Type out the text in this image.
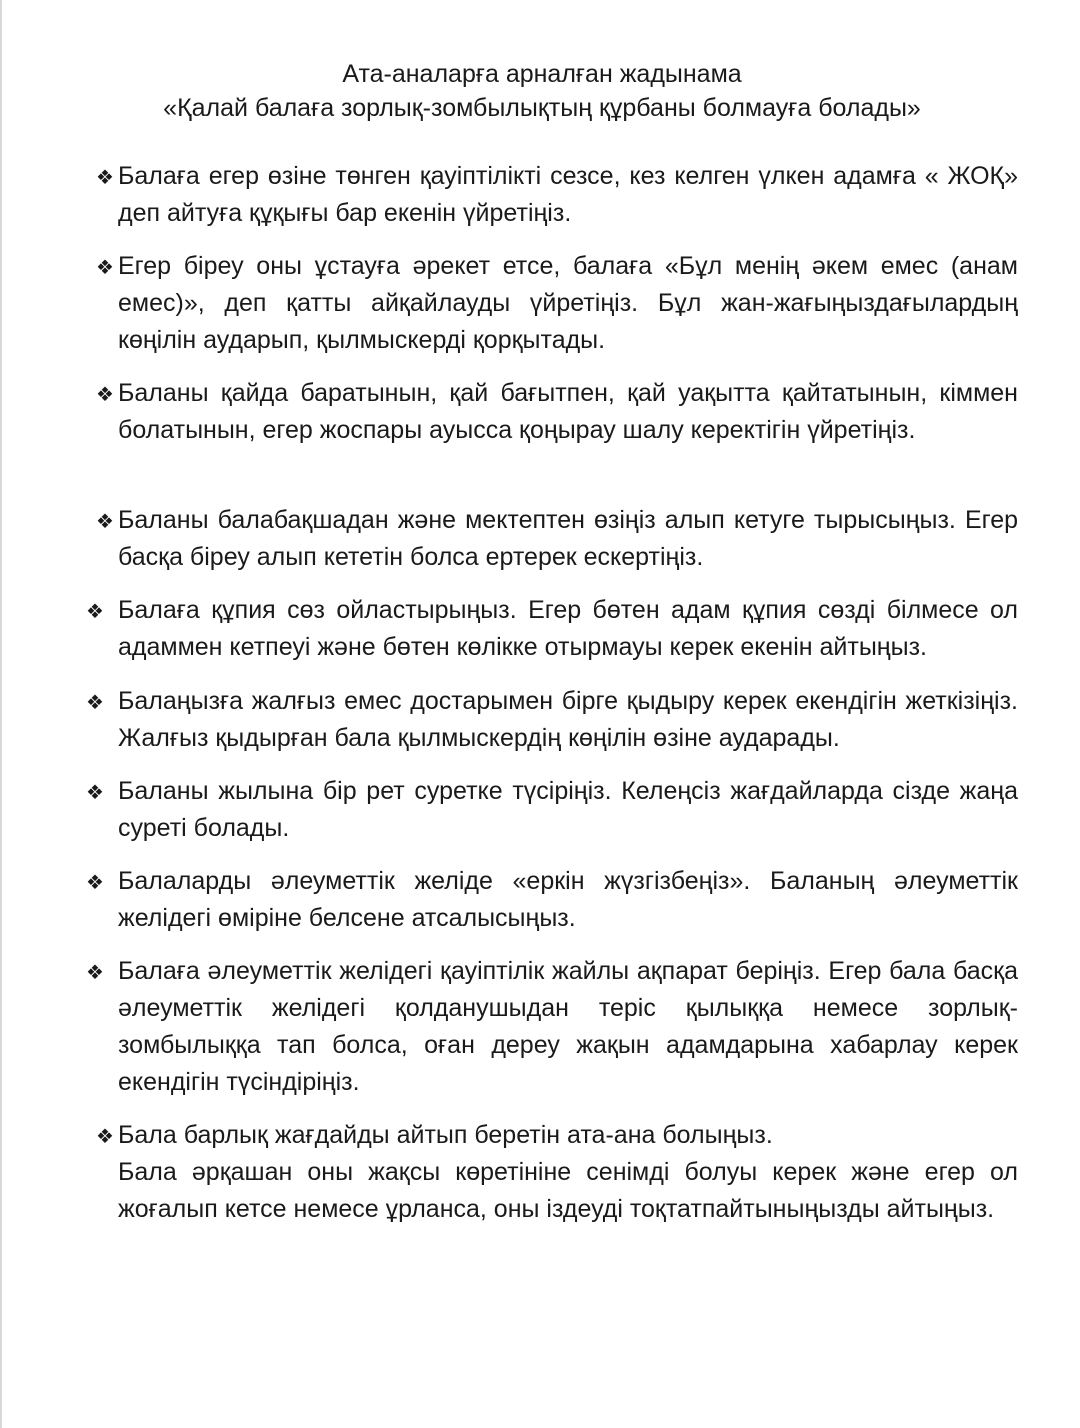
Ата-аналарға арналған жадынама
«Қалай балаға зорлық-зомбылықтың құрбаны болмауға болады»
❖ Балаға егер өзіне төнген қауіптілікті сезсе, кез келген үлкен адамға « ЖОҚ» деп айтуға құқығы бар екенін үйретіңіз.
❖ Егер біреу оны ұстауға әрекет етсе, балаға «Бұл менің әкем емес (анам емес)», деп қатты айқайлауды үйретіңіз. Бұл жан-жағыңыздағылардың көңілін аударып, қылмыскерді қорқытады.
❖ Баланы қайда баратынын, қай бағытпен, қай уақытта қайтатынын, кіммен болатынын, егер жоспары ауысса қоңырау шалу керектігін үйретіңіз.
❖ Баланы балабақшадан және мектептен өзіңіз алып кетуге тырысыңыз. Егер басқа біреу алып кететін болса ертерек ескертіңіз.
❖ Балаға құпия сөз ойластырыңыз. Егер бөтен адам құпия сөзді білмесе ол адаммен кетпеуі және бөтен көлікке отырмауы керек екенін айтыңыз.
❖ Балаңызға жалғыз емес достарымен бірге қыдыру керек екендігін жеткізіңіз. Жалғыз қыдырған бала қылмыскердің көңілін өзіне аударады.
❖ Баланы жылына бір рет суретке түсіріңіз. Келеңсіз жағдайларда сізде жаңа суреті болады.
❖ Балаларды әлеуметтік желіде «еркін жүзгізбеңіз». Баланың әлеуметтік желідегі өміріне белсене атсалысыңыз.
❖ Балаға әлеуметтік желідегі қауіптілік жайлы ақпарат беріңіз. Егер бала басқа әлеуметтік желідегі қолданушыдан теріс қылыққа немесе зорлық-зомбылыққа тап болса, оған дереу жақын адамдарына хабарлау керек екендігін түсіндіріңіз.
❖ Бала барлық жағдайды айтып беретін ата-ана болыңыз.
Бала әрқашан оны жақсы көретініне сенімді болуы керек және егер ол жоғалып кетсе немесе ұрланса, оны іздеуді тоқтатпайтыныңызды айтыңыз.
